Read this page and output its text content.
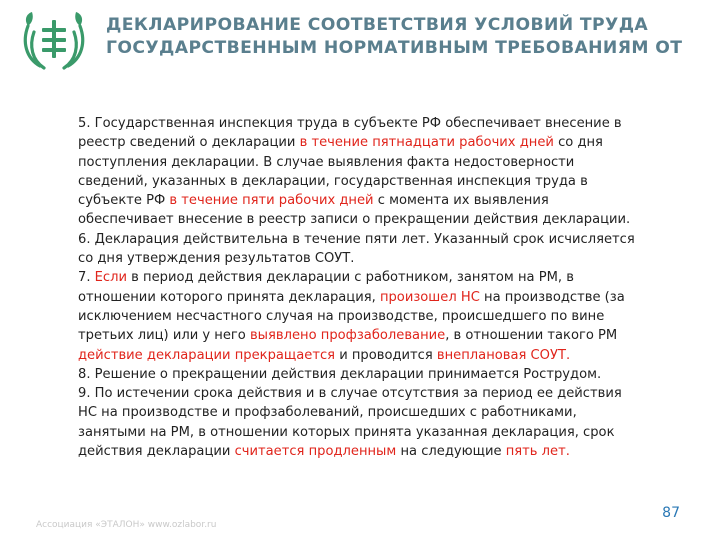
ДЕКЛАРИРОВАНИЕ СООТВЕТСТВИЯ УСЛОВИЙ ТРУДА
ГОСУДАРСТВЕННЫМ НОРМАТИВНЫМ ТРЕБОВАНИЯМ ОТ
5. Государственная инспекция труда в субъекте РФ обеспечивает внесение в
реестр сведений о декларации в течение пятнадцати рабочих дней со дня
поступления декларации. В случае выявления факта недостоверности
сведений, указанных в декларации, государственная инспекция труда в
субъекте РФ в течение пяти рабочих дней с момента их выявления
обеспечивает внесение в реестр записи о прекращении действия декларации.
6. Декларация действительна в течение пяти лет. Указанный срок исчисляется
со дня утверждения результатов СОУТ.
7. Если в период действия декларации с работником, занятом на РМ, в
отношении которого принята декларация, произошел НС на производстве (за
исключением несчастного случая на производстве, происшедшего по вине
третьих лиц) или у него выявлено профзаболевание, в отношении такого РМ
действие декларации прекращается и проводится внеплановая СОУТ.
8. Решение о прекращении действия декларации принимается Рострудом.
9. По истечении срока действия и в случае отсутствия за период ее действия
НС на производстве и профзаболеваний, происшедших с работниками,
занятыми на РМ, в отношении которых принята указанная декларация, срок
действия декларации считается продленным на следующие пять лет.
87
Ассоциация «ЭТАЛОН» www.ozlabor.ru
